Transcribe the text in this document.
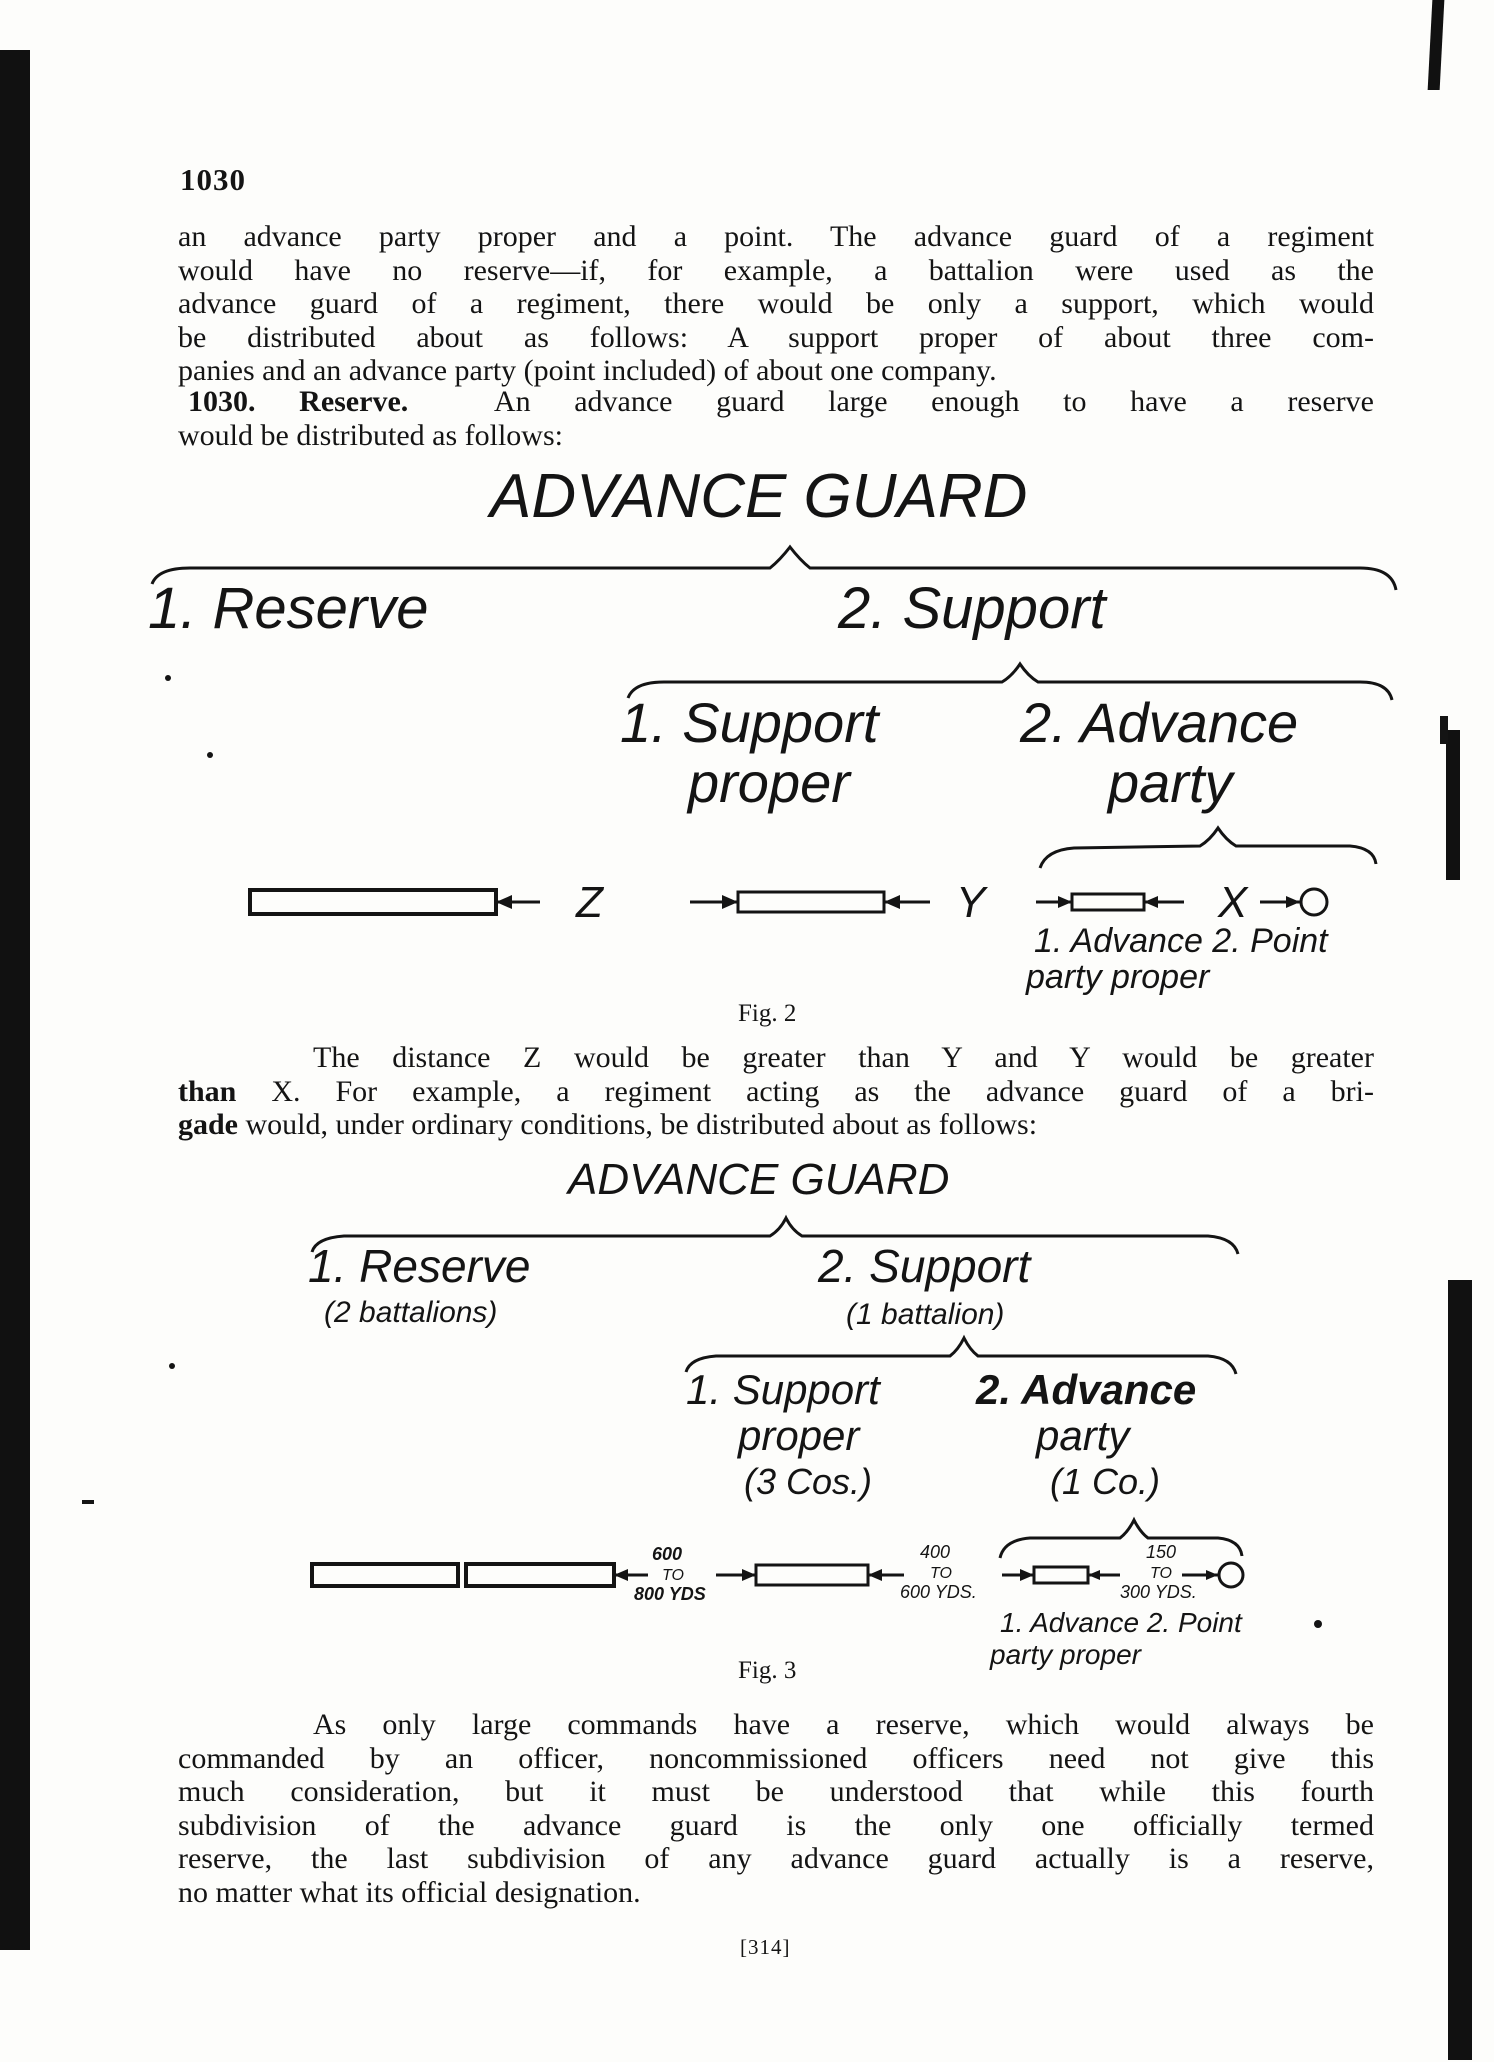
1030

an advance party proper and a point. The advance guard of a regiment
would have no reserve—if, for example, a battalion were used as the
advance guard of a regiment, there would be only a support, which would
be distributed about as follows: A support proper of about three com-
panies and an advance party (point included) of about one company.

1030. Reserve.	An advance guard large enough to have a reserve
would be distributed as follows:

ADVANCE GUARD
1. Reserve	2. Support
1. Support
proper
2. Advance
party
Z	Y	X
1. Advance 2. Point
party proper
ADVANCE GUARD
1. Reserve
(2 battalions)
2. Support
(1 battalion)
1. Support
proper
(3 Cos.)
2. Advance
party
(1 Co.)
600
TO
800 YDS
400
TO
600 YDS.
150
TO
300 YDS.
1. Advance 2. Point
party proper
Fig. 2

The distance Z would be greater than Y and Y would be greater
than X. For example, a regiment acting as the advance guard of a bri-
gade would, under ordinary conditions, be distributed about as follows:

Fig. 3

As only large commands have a reserve, which would always be
commanded by an officer, noncommissioned officers need not give this
much consideration, but it must be understood that while this fourth
subdivision of the advance guard is the only one officially termed
reserve, the last subdivision of any advance guard actually is a reserve,
no matter what its official designation.

[314]
